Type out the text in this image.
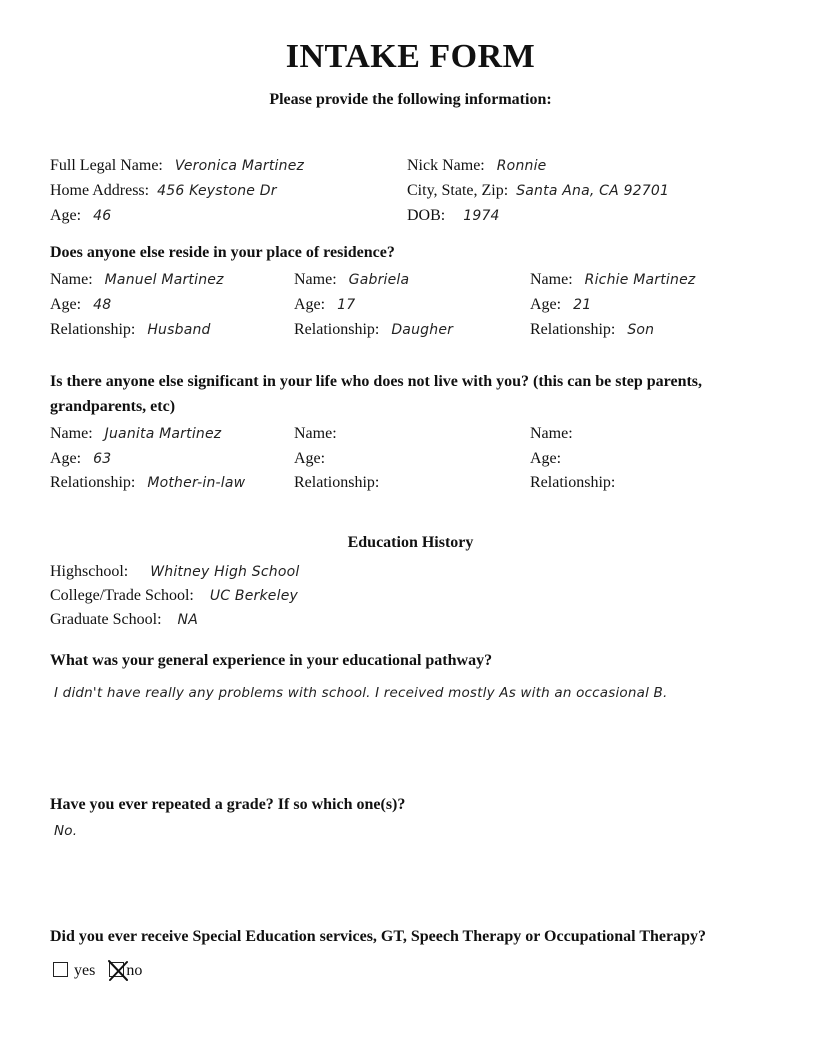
INTAKE FORM
Please provide the following information:
Full Legal Name: Veronica Martinez	Nick Name: Ronnie
Home Address: 456 Keystone Dr	City, State, Zip: Santa Ana, CA 92701
Age: 46	DOB: 1974
Does anyone else reside in your place of residence?
Name: Manuel Martinez
Age: 48
Relationship: Husband
Name: Gabriela
Age: 17
Relationship: Daugher
Name: Richie Martinez
Age: 21
Relationship: Son
Is there anyone else significant in your life who does not live with you? (this can be step parents,
grandparents, etc)
Name: Juanita Martinez
Age: 63
Relationship: Mother-in-law
Name:
Age:
Relationship:
Name:
Age:
Relationship:
Education History
Highschool: Whitney High School
College/Trade School: UC Berkeley
Graduate School: NA
What was your general experience in your educational pathway?
I didn't have really any problems with school. I received mostly As with an occasional B.
Have you ever repeated a grade? If so which one(s)?
No.
Did you ever receive Special Education services, GT, Speech Therapy or Occupational Therapy?
yes no
